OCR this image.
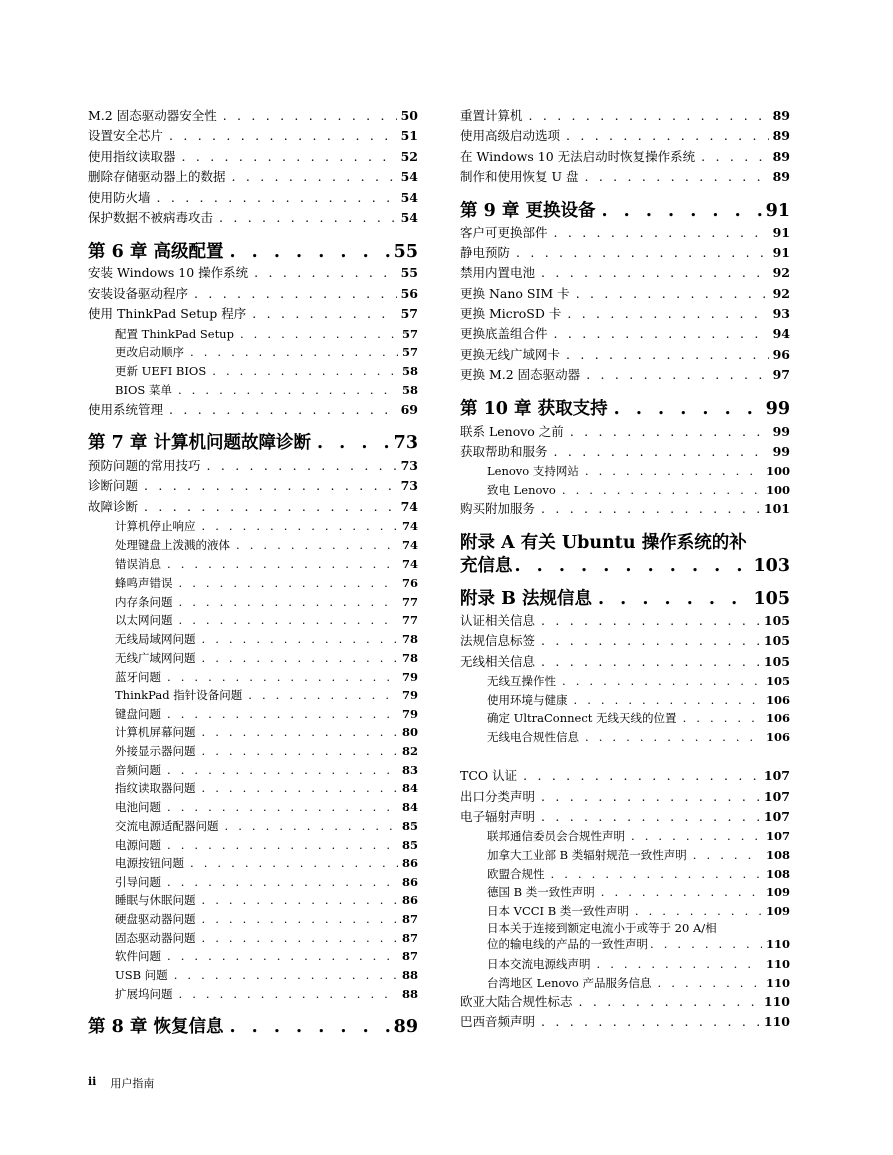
M.2 固态驱动器安全性 . . .	50
设置安全芯片 . . .	51
使用指纹读取器 . . .	52
删除存储驱动器上的数据 . . .	54
使用防火墙 . . .	54
保护数据不被病毒攻击 . . .	54
第 6 章 高级配置 . . .	55
安装 Windows 10 操作系统 . . .	55
安装设备驱动程序 . . .	56
使用 ThinkPad Setup 程序 . . .	57
配置 ThinkPad Setup . . .	57
更改启动顺序 . . .	57
更新 UEFI BIOS . . .	58
BIOS 菜单 . . .	58
使用系统管理 . . .	69
第 7 章 计算机问题故障诊断 . . .	73
预防问题的常用技巧 . . .	73
诊断问题 . . .	73
故障诊断 . . .	74
计算机停止响应 . . .	74
处理键盘上泼溅的液体 . . .	74
错误消息 . . .	74
蜂鸣声错误 . . .	76
内存条问题 . . .	77
以太网问题 . . .	77
无线局域网问题 . . .	78
无线广域网问题 . . .	78
蓝牙问题 . . .	79
ThinkPad 指针设备问题 . . .	79
键盘问题 . . .	79
计算机屏幕问题 . . .	80
外接显示器问题 . . .	82
音频问题 . . .	83
指纹读取器问题 . . .	84
电池问题 . . .	84
交流电源适配器问题 . . .	85
电源问题 . . .	85
电源按钮问题 . . .	86
引导问题 . . .	86
睡眠与休眠问题 . . .	86
硬盘驱动器问题 . . .	87
固态驱动器问题 . . .	87
软件问题 . . .	87
USB 问题 . . .	88
扩展坞问题 . . .	88
第 8 章 恢复信息 . . .	89
重置计算机 . . .	89
使用高级启动选项 . . .	89
在 Windows 10 无法启动时恢复操作系统 . . .	89
制作和使用恢复 U 盘 . . .	89
第 9 章 更换设备 . . .	91
客户可更换部件 . . .	91
静电预防 . . .	91
禁用内置电池 . . .	92
更换 Nano SIM 卡 . . .	92
更换 MicroSD 卡 . . .	93
更换底盖组合件 . . .	94
更换无线广域网卡 . . .	96
更换 M.2 固态驱动器 . . .	97
第 10 章 获取支持 . . .	99
联系 Lenovo 之前 . . .	99
获取帮助和服务 . . .	99
Lenovo 支持网站 . . .	100
致电 Lenovo . . .	100
购买附加服务 . . .	101
附录 A 有关 Ubuntu 操作系统的补
充信息 . . .	103
附录 B 法规信息 . . .	105
认证相关信息 . . .	105
法规信息标签 . . .	105
无线相关信息 . . .	105
无线互操作性 . . .	105
使用环境与健康 . . .	106
确定 UltraConnect 无线天线的位置 . . .	106
无线电合规性信息 . . .	106
TCO 认证 . . .	107
出口分类声明 . . .	107
电子辐射声明 . . .	107
联邦通信委员会合规性声明 . . .	107
加拿大工业部 B 类辐射规范一致性声明 . . .	108
欧盟合规性 . . .	108
德国 B 类一致性声明 . . .	109
日本 VCCI B 类一致性声明 . . .	109
日本关于连接到额定电流小于或等于 20 A/相
位的输电线的产品的一致性声明 . . .	110
日本交流电源线声明 . . .	110
台湾地区 Lenovo 产品服务信息 . . .	110
欧亚大陆合规性标志 . . .	110
巴西音频声明 . . .	110
ii 用户指南
